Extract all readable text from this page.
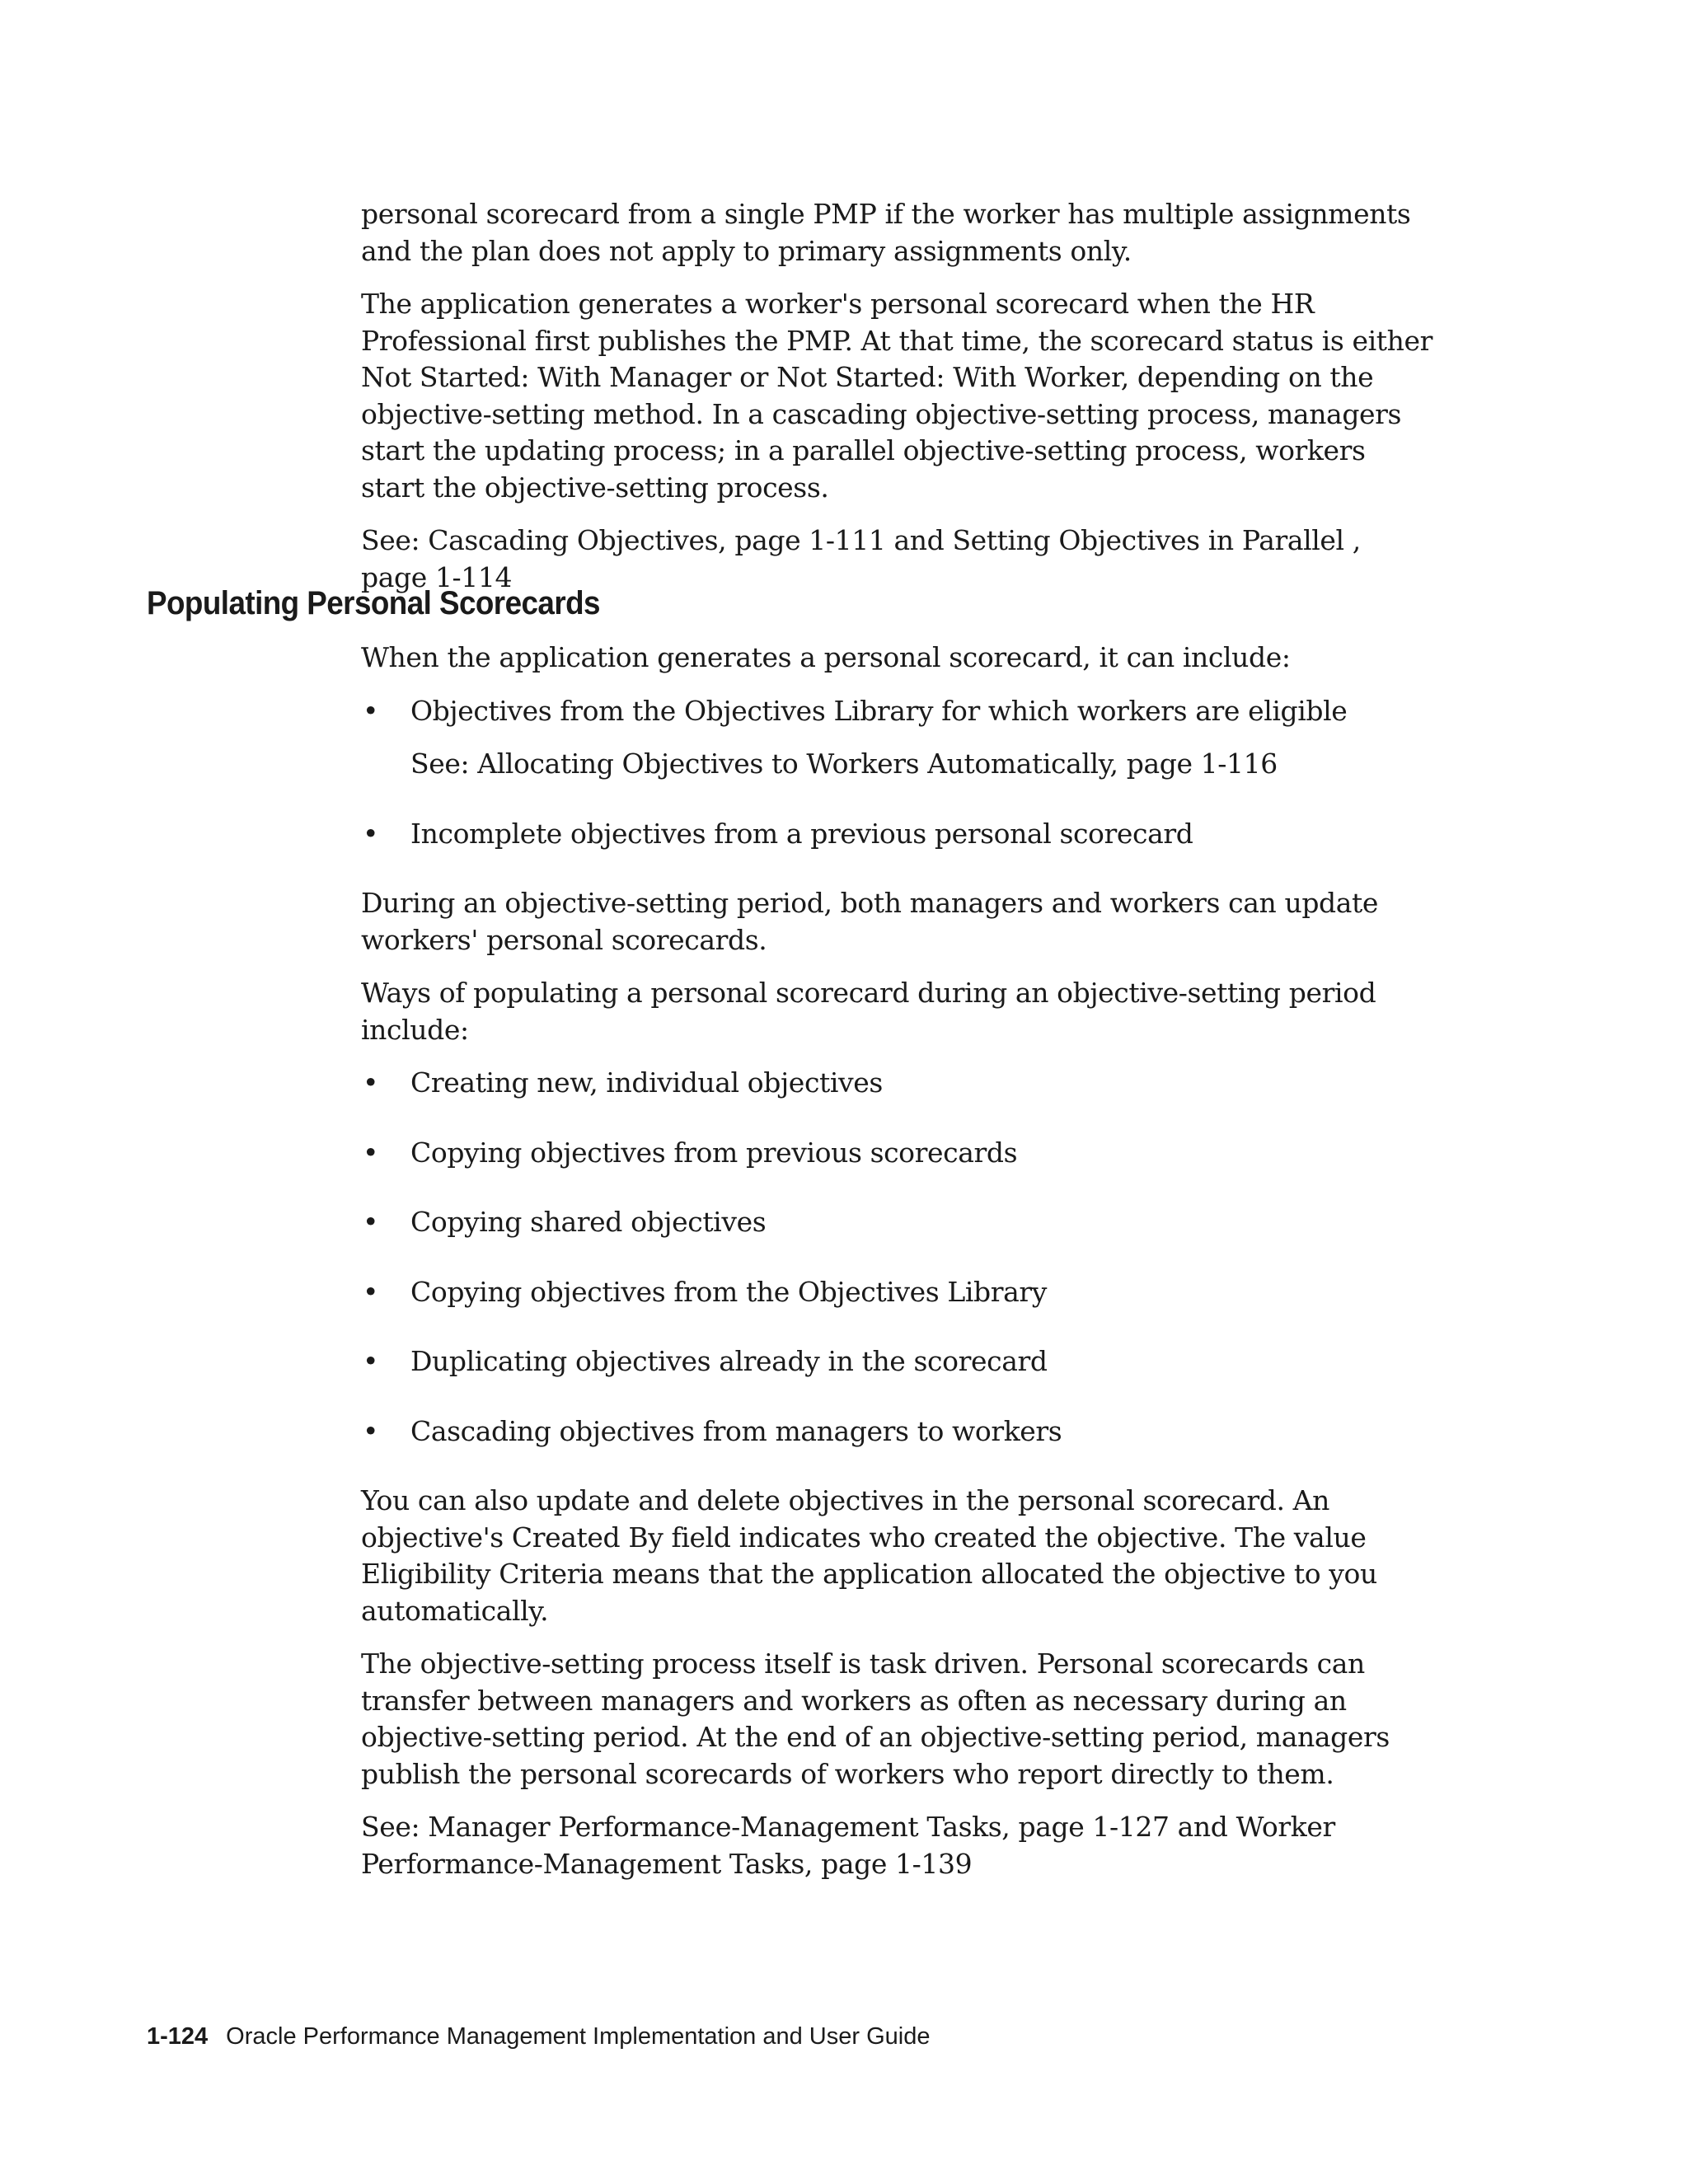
personal scorecard from a single PMP if the worker has multiple assignments and the plan does not apply to primary assignments only.

The application generates a worker's personal scorecard when the HR Professional first publishes the PMP. At that time, the scorecard status is either Not Started: With Manager or Not Started: With Worker, depending on the objective-setting method. In a cascading objective-setting process, managers start the updating process; in a parallel objective-setting process, workers start the objective-setting process.

See: Cascading Objectives, page 1-111 and Setting Objectives in Parallel , page 1-114

Populating Personal Scorecards

When the application generates a personal scorecard, it can include:

• Objectives from the Objectives Library for which workers are eligible
See: Allocating Objectives to Workers Automatically, page 1-116
• Incomplete objectives from a previous personal scorecard

During an objective-setting period, both managers and workers can update workers' personal scorecards.

Ways of populating a personal scorecard during an objective-setting period include:

• Creating new, individual objectives
• Copying objectives from previous scorecards
• Copying shared objectives
• Copying objectives from the Objectives Library
• Duplicating objectives already in the scorecard
• Cascading objectives from managers to workers

You can also update and delete objectives in the personal scorecard. An objective's Created By field indicates who created the objective. The value Eligibility Criteria means that the application allocated the objective to you automatically.

The objective-setting process itself is task driven. Personal scorecards can transfer between managers and workers as often as necessary during an objective-setting period. At the end of an objective-setting period, managers publish the personal scorecards of workers who report directly to them.

See: Manager Performance-Management Tasks, page 1-127 and Worker Performance-Management Tasks, page 1-139

1-124 Oracle Performance Management Implementation and User Guide
